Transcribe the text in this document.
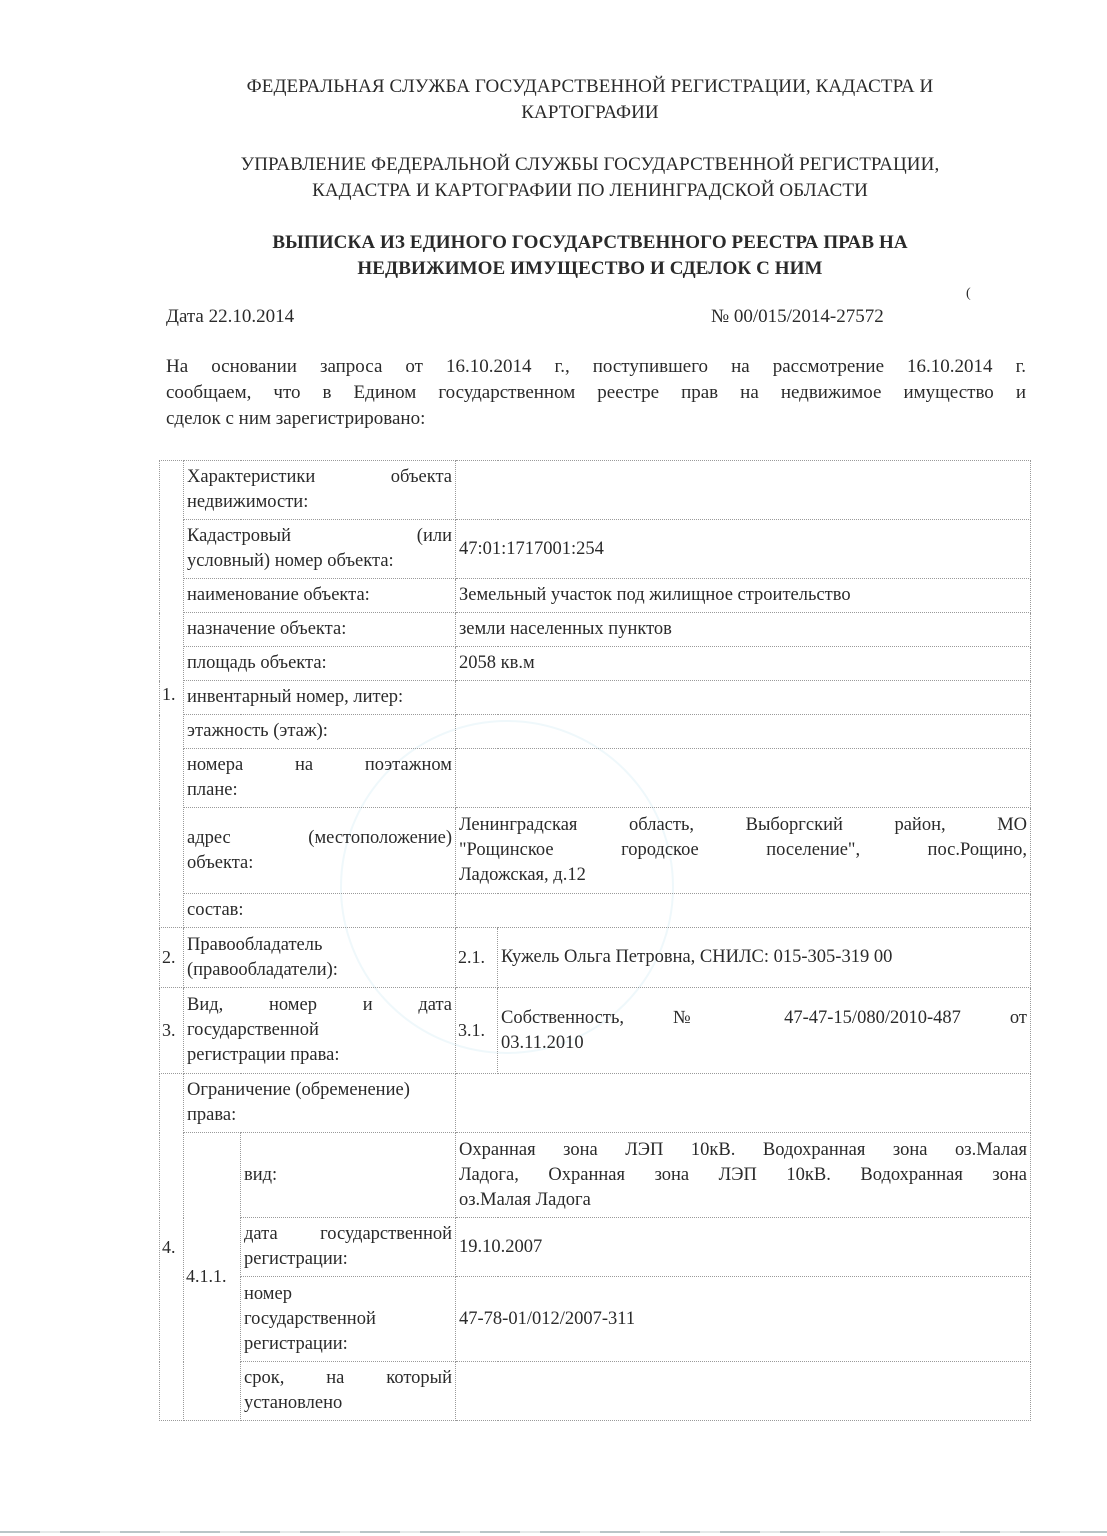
ФЕДЕРАЛЬНАЯ СЛУЖБА ГОСУДАРСТВЕННОЙ РЕГИСТРАЦИИ, КАДАСТРА И
КАРТОГРАФИИ
УПРАВЛЕНИЕ ФЕДЕРАЛЬНОЙ СЛУЖБЫ ГОСУДАРСТВЕННОЙ РЕГИСТРАЦИИ,
КАДАСТРА И КАРТОГРАФИИ ПО ЛЕНИНГРАДСКОЙ ОБЛАСТИ
ВЫПИСКА ИЗ ЕДИНОГО ГОСУДАРСТВЕННОГО РЕЕСТРА ПРАВ НА
НЕДВИЖИМОЕ ИМУЩЕСТВО И СДЕЛОК С НИМ
Дата 22.10.2014	№ 00/015/2014-27572
(
На основании запроса от 16.10.2014 г., поступившего на рассмотрение 16.10.2014 г.
сообщаем, что в Едином государственном реестре прав на недвижимое имущество и
сделок с ним зарегистрировано:
1.	Характеристики объекта
недвижимости:			

	Кадастровый (или
условный) номер объекта:		47:01:1717001:254	
	наименование объекта:		Земельный участок под жилищное строительство	
	назначение объекта:		земли населенных пунктов	
	площадь объекта:		2058 кв.м	
	инвентарный номер, литер:			
	этажность (этаж):			

	номера на поэтажном
плане:			

	адрес (местоположение)
объекта:		Ленинградская область, Выборгский район, МО
"Рощинское городское поселение", пос.Рощино,
Ладожская, д.12	

	состав:			
2.	Правообладатель
(правообладатели):		2.1.	Кужель Ольга Петровна, СНИЛС: 015-305-319 00
3.	Вид, номер и дата
государственной
регистрации права:		3.1.	Собственность, № 47-47-15/080/2010-487 от
03.11.2010

4.	Ограничение (обременение)
права:			

	4.1.1.	вид:	Охранная зона ЛЭП 10кВ. Водохранная зона оз.Малая
Ладога, Охранная зона ЛЭП 10кВ. Водохранная зона
оз.Малая Ладога	

		дата государственной
регистрации:	19.10.2007	

		номер
государственной
регистрации:	47-78-01/012/2007-311	

		срок, на который
установлено		
